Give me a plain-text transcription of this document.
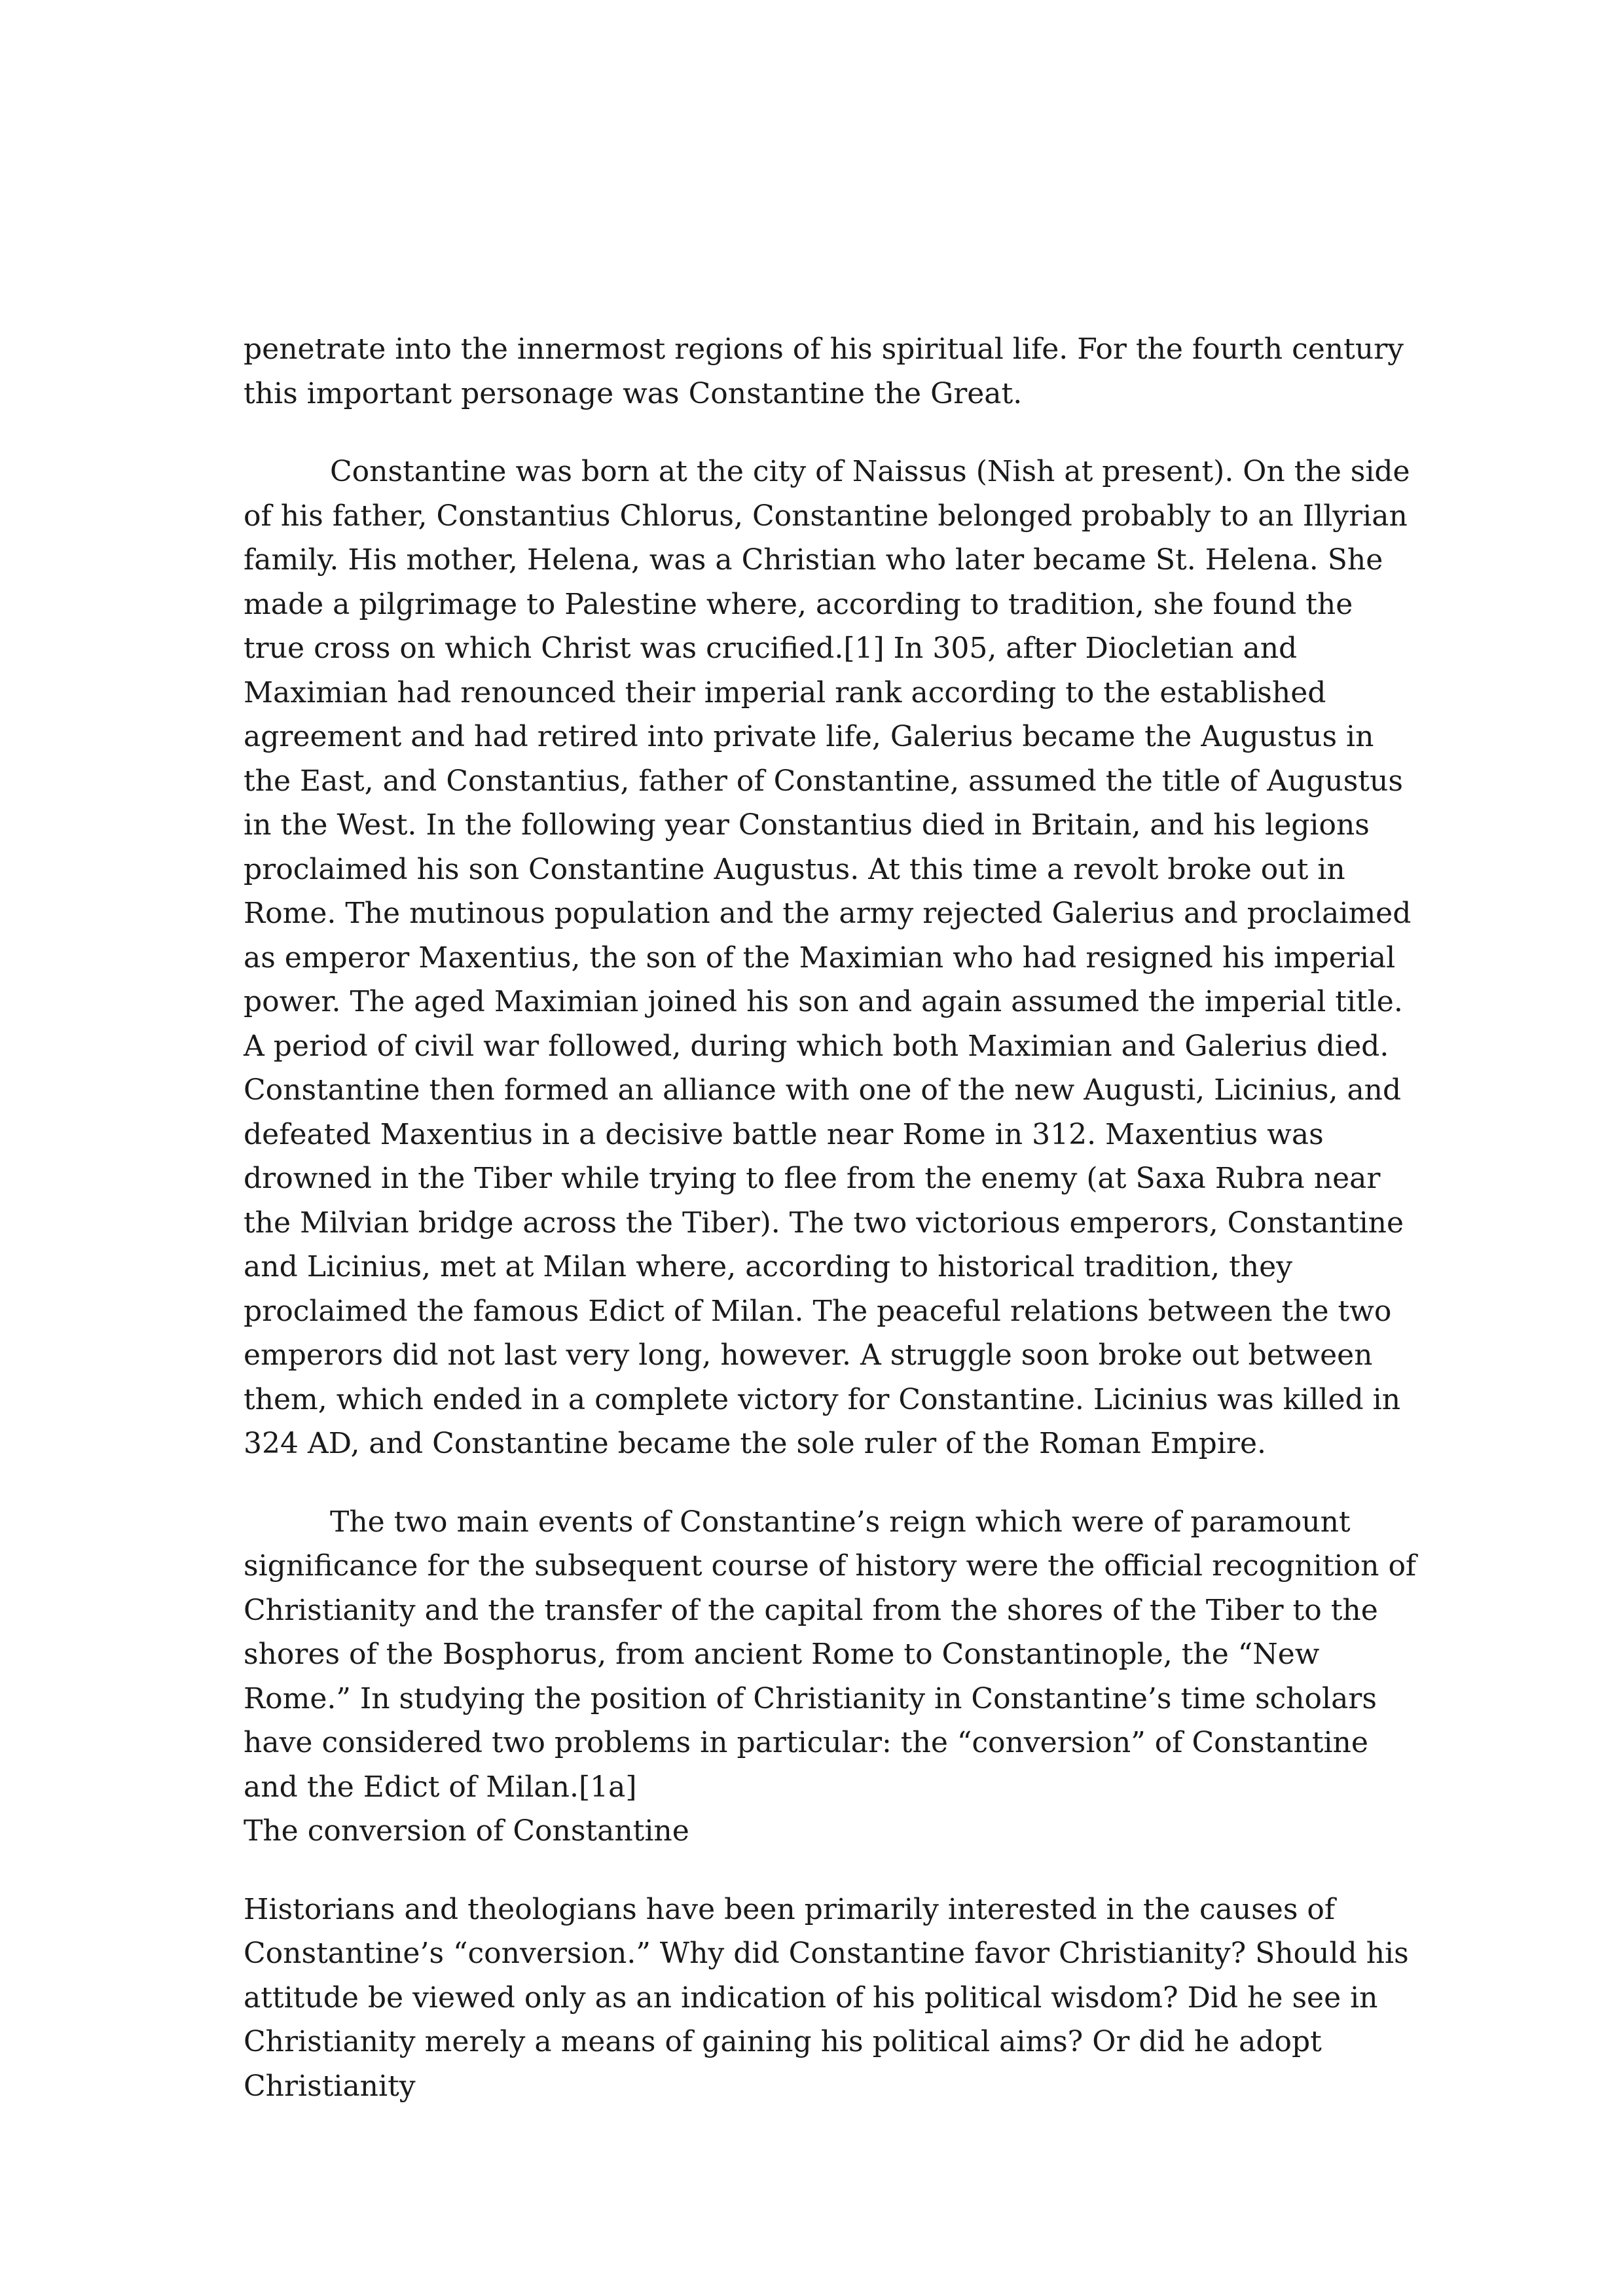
penetrate into the innermost regions of his spiritual life. For the fourth century this important personage was Constantine the Great.

Constantine was born at the city of Naissus (Nish at present). On the side of his father, Constantius Chlorus, Constantine belonged probably to an Illyrian family. His mother, Helena, was a Christian who later became St. Helena. She made a pilgrimage to Palestine where, according to tradition, she found the true cross on which Christ was crucified.[1] In 305, after Diocletian and Maximian had renounced their imperial rank according to the established agreement and had retired into private life, Galerius became the Augustus in the East, and Constantius, father of Constantine, assumed the title of Augustus in the West. In the following year Constantius died in Britain, and his legions proclaimed his son Constantine Augustus. At this time a revolt broke out in Rome. The mutinous population and the army rejected Galerius and proclaimed as emperor Maxentius, the son of the Maximian who had resigned his imperial power. The aged Maximian joined his son and again assumed the imperial title. A period of civil war followed, during which both Maximian and Galerius died. Constantine then formed an alliance with one of the new Augusti, Licinius, and defeated Maxentius in a decisive battle near Rome in 312. Maxentius was drowned in the Tiber while trying to flee from the enemy (at Saxa Rubra near the Milvian bridge across the Tiber). The two victorious emperors, Constantine and Licinius, met at Milan where, according to historical tradition, they proclaimed the famous Edict of Milan. The peaceful relations between the two emperors did not last very long, however. A struggle soon broke out between them, which ended in a complete victory for Constantine. Licinius was killed in 324 AD, and Constantine became the sole ruler of the Roman Empire.

The two main events of Constantine’s reign which were of paramount significance for the subsequent course of history were the official recognition of Christianity and the transfer of the capital from the shores of the Tiber to the shores of the Bosphorus, from ancient Rome to Constantinople, the “New Rome.” In studying the position of Christianity in Constantine’s time scholars have considered two problems in particular: the “conversion” of Constantine and the Edict of Milan.[1a]

The conversion of Constantine

Historians and theologians have been primarily interested in the causes of Constantine’s “conversion.” Why did Constantine favor Christianity? Should his attitude be viewed only as an indication of his political wisdom? Did he see in Christianity merely a means of gaining his political aims? Or did he adopt Christianity
